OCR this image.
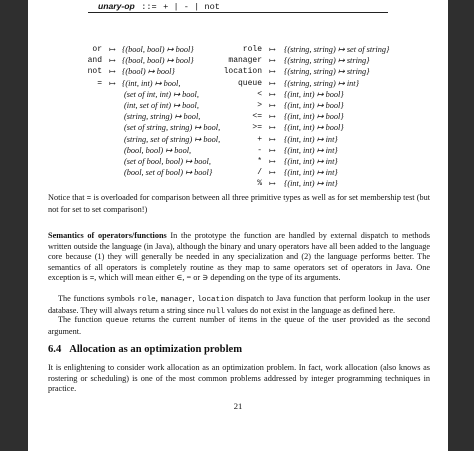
unary-op ::= + | - | not
or ↦ {(bool, bool) ↦ bool}
and ↦ {(bool, bool) ↦ bool}
not ↦ {(bool) ↦ bool}
= ↦ {(int, int) ↦ bool,
(set of int, int) ↦ bool,
(int, set of int) ↦ bool,
(string, string) ↦ bool,
(set of string, string) ↦ bool,
(string, set of string) ↦ bool,
(bool, bool) ↦ bool,
(set of bool, bool) ↦ bool,
(bool, set of bool) ↦ bool}
role ↦ {(string, string) ↦ set of string}
manager ↦ {(string, string) ↦ string}
location ↦ {(string, string) ↦ string}
queue ↦ {(string, string) ↦ int}
< ↦ {(int, int) ↦ bool}
> ↦ {(int, int) ↦ bool}
<= ↦ {(int, int) ↦ bool}
>= ↦ {(int, int) ↦ bool}
+ ↦ {(int, int) ↦ int}
- ↦ {(int, int) ↦ int}
* ↦ {(int, int) ↦ int}
/ ↦ {(int, int) ↦ int}
% ↦ {(int, int) ↦ int}
Notice that = is overloaded for comparison between all three primitive types as well as for set membership test (but not for set to set comparison!)
Semantics of operators/functions In the prototype the function are handled by external dispatch to methods written outside the language (in Java), although the binary and unary operators have all been added to the language core because (1) they will generally be needed in any specialization and (2) the language performs better. The semantics of all operators is completely routine as they map to same operators set of operators in Java. One exception is =, which will mean either ∈, = or ∋ depending on the type of its arguments.
The functions symbols role, manager, location dispatch to Java function that perform lookup in the user database. They will always return a string since null values do not exist in the language as defined here.
The function queue returns the current number of items in the queue of the user provided as the second argument.
6.4 Allocation as an optimization problem
It is enlightening to consider work allocation as an optimization problem. In fact, work allocation (also knows as rostering or scheduling) is one of the most common problems addressed by integer programming techniques in practice.
21
